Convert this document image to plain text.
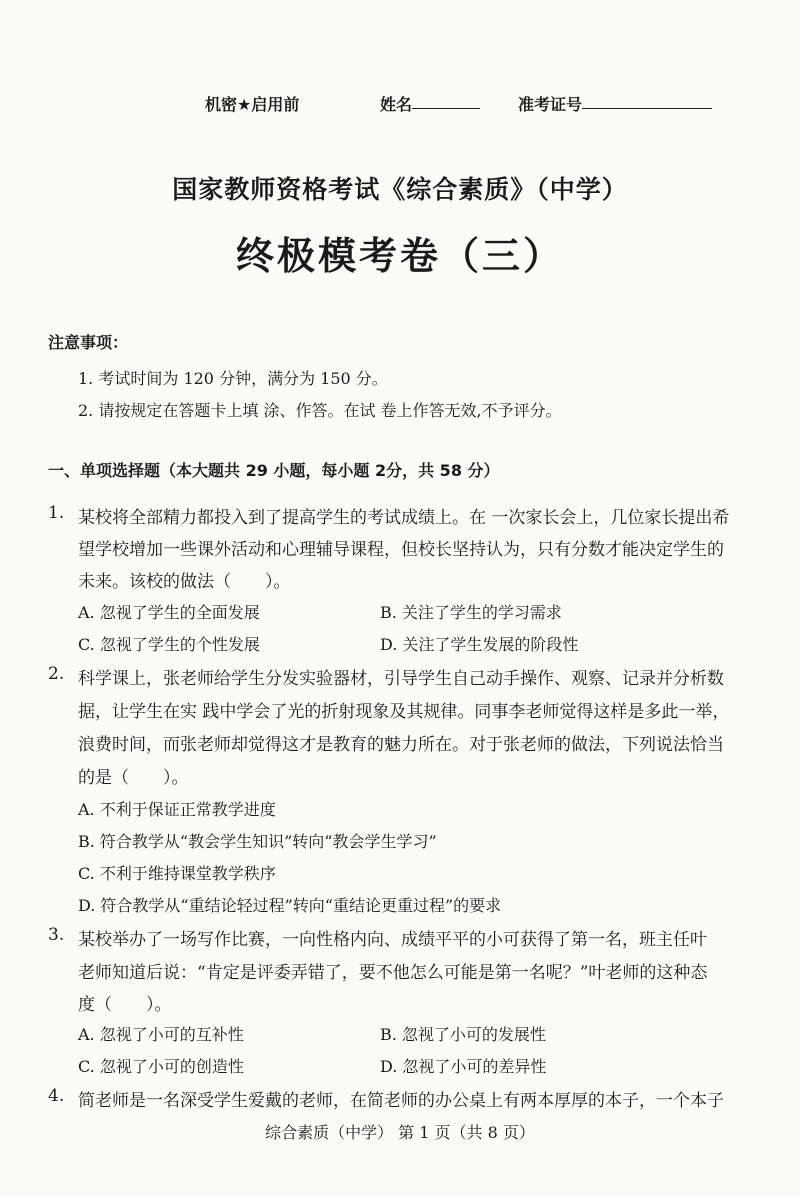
机密★启用前	姓名	准考证号
国家教师资格考试《综合素质》（中学）
终极模考卷（三）
注意事项：
1. 考试时间为 120 分钟，满分为 150 分。
2. 请按规定在答题卡上填 涂、作答。在试 卷上作答无效,不予评分。
一、单项选择题（本大题共 29 小题，每小题 2分，共 58 分）
1. 某校将全部精力都投入到了提高学生的考试成绩上。在 一次家长会上，几位家长提出希
望学校增加一些课外活动和心理辅导课程，但校长坚持认为，只有分数才能决定学生的
未来。该校的做法（　　）。
A. 忽视了学生的全面发展	B. 关注了学生的学习需求
C. 忽视了学生的个性发展	D. 关注了学生发展的阶段性
2. 科学课上，张老师给学生分发实验器材，引导学生自己动手操作、观察、记录并分析数
据，让学生在实 践中学会了光的折射现象及其规律。同事李老师觉得这样是多此一举，
浪费时间，而张老师却觉得这才是教育的魅力所在。对于张老师的做法，下列说法恰当
的是（　　）。
A. 不利于保证正常教学进度
B. 符合教学从“教会学生知识”转向“教会学生学习”
C. 不利于维持课堂教学秩序
D. 符合教学从“重结论轻过程”转向“重结论更重过程”的要求
3. 某校举办了一场写作比赛，一向性格内向、成绩平平的小可获得了第一名，班主任叶
老师知道后说：“肯定是评委弄错了，要不他怎么可能是第一名呢？”叶老师的这种态
度（　　）。
A. 忽视了小可的互补性	B. 忽视了小可的发展性
C. 忽视了小可的创造性	D. 忽视了小可的差异性
4. 简老师是一名深受学生爱戴的老师，在简老师的办公桌上有两本厚厚的本子，一个本子
综合素质（中学） 第 1 页（共 8 页）
